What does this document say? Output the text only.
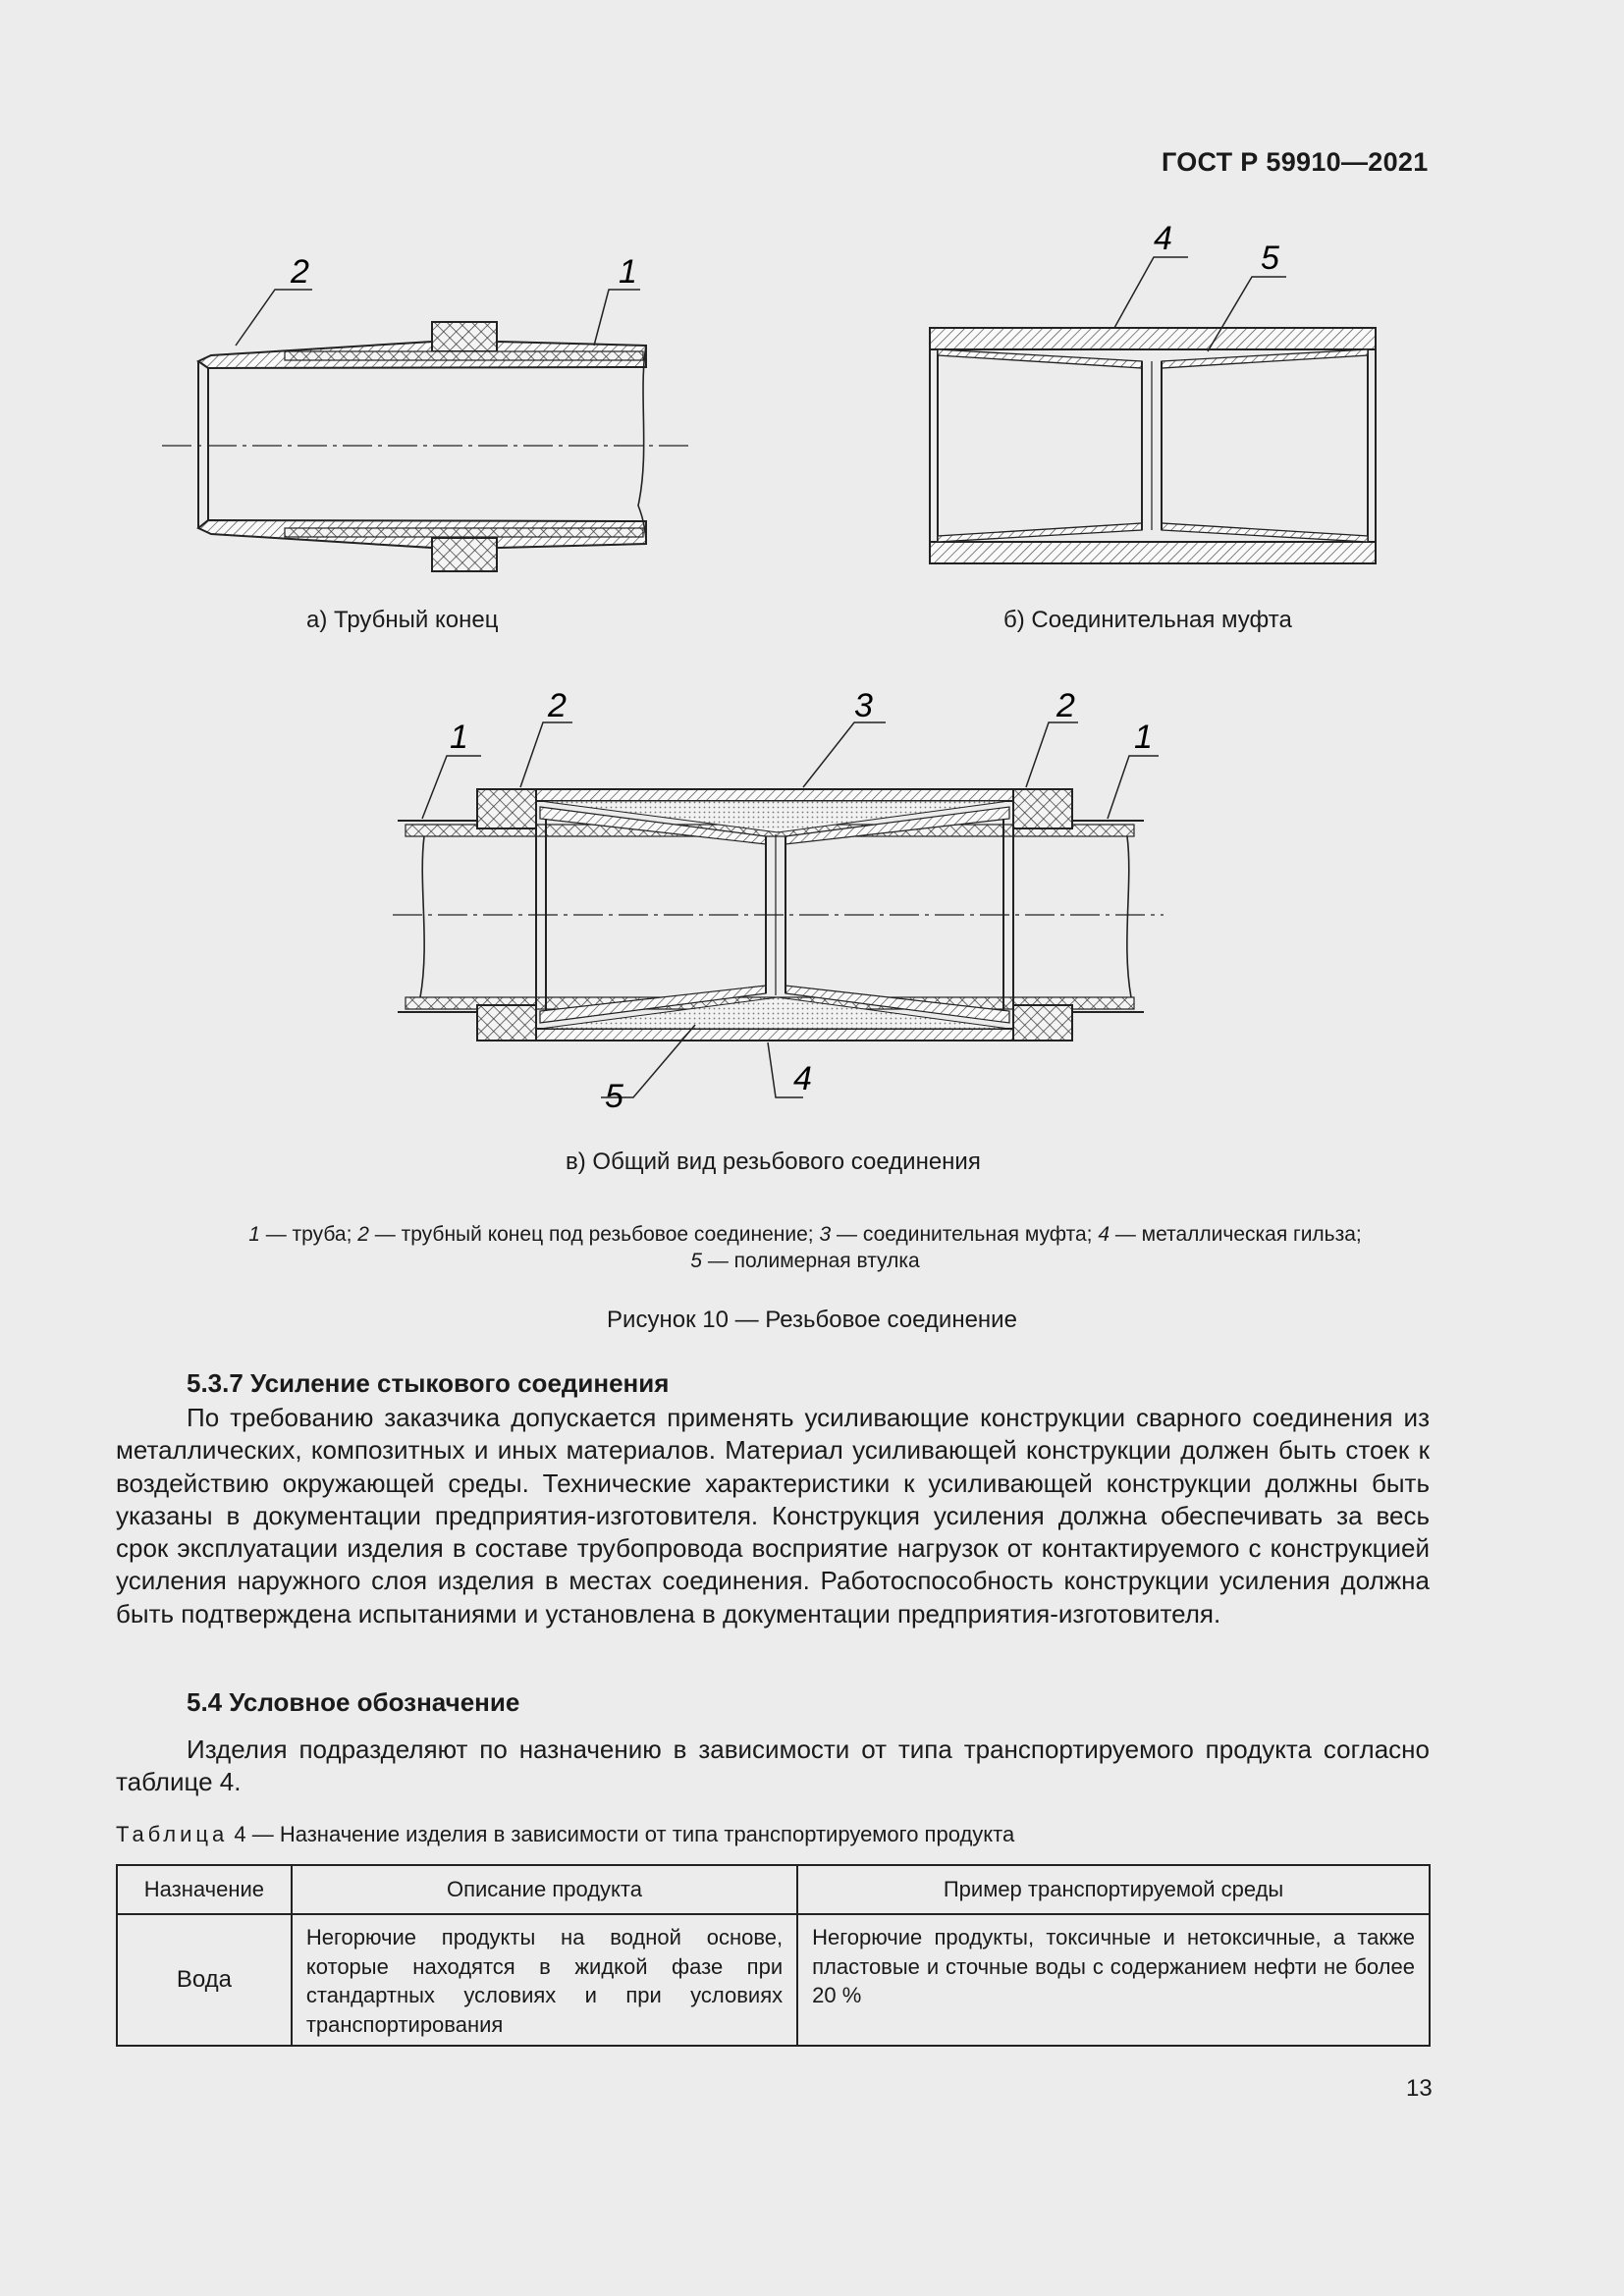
ГОСТ Р 59910—2021
2	1
4
5
1
2	3	2
1
5	4
а) Трубный конец	б) Соединительная муфта
в) Общий вид резьбового соединения
1 — труба; 2 — трубный конец под резьбовое соединение; 3 — соединительная муфта; 4 — металлическая гильза;
5 — полимерная втулка
Рисунок 10 — Резьбовое соединение
5.3.7 Усиление стыкового соединения

По требованию заказчика допускается применять усиливающие конструкции сварного соединения из металлических, композитных и иных материалов. Материал усиливающей конструкции должен быть стоек к воздействию окружающей среды. Технические характеристики к усиливающей конструкции должны быть указаны в документации предприятия-изготовителя. Конструкция усиления должна обеспечивать за весь срок эксплуатации изделия в составе трубопровода восприятие нагрузок от контактируемого с конструкцией усиления наружного слоя изделия в местах соединения. Работоспособность конструкции усиления должна быть подтверждена испытаниями и установлена в документации предприятия-изготовителя.

5.4 Условное обозначение

Изделия подразделяют по назначению в зависимости от типа транспортируемого продукта согласно таблице 4.

Таблица 4 — Назначение изделия в зависимости от типа транспортируемого продукта
Назначение	Описание продукта	Пример транспортируемой среды
Вода	Негорючие продукты на водной основе, которые находятся в жидкой фазе при стандартных условиях и при условиях транспортирования	Негорючие продукты, токсичные и нетоксичные, а также пластовые и сточные воды с содержанием нефти не более 20 %
13
